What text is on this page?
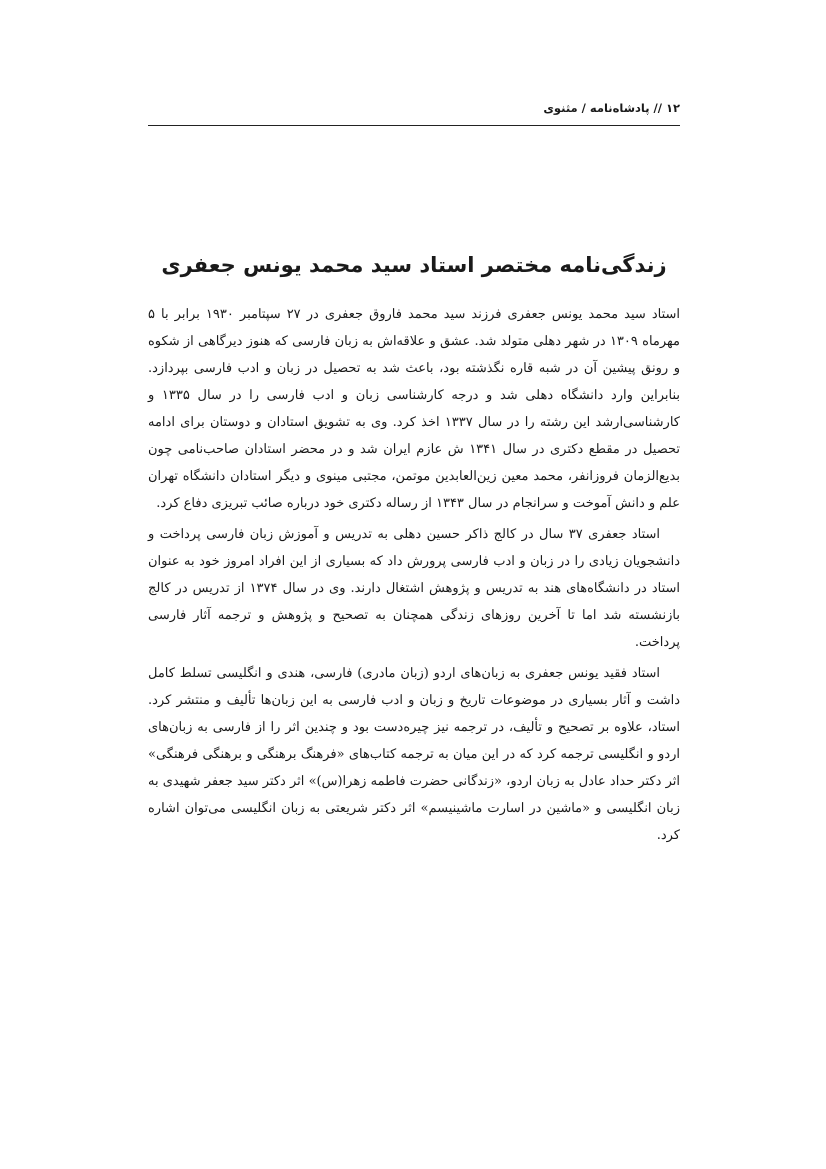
۱۲ // پادشاه‌نامه / مثنوی
زندگی‌نامه مختصر استاد سید محمد یونس جعفری

استاد سید محمد یونس جعفری فرزند سید محمد فاروق جعفری در ۲۷ سپتامبر ۱۹۳۰ برابر با ۵ مهرماه ۱۳۰۹ در شهر دهلی متولد شد. عشق و علاقه‌اش به زبان فارسی که هنوز دیرگاهی از شکوه و رونق پیشین آن در شبه قاره نگذشته بود، باعث شد به تحصیل در زبان و ادب فارسی بپردازد. بنابراین وارد دانشگاه دهلی شد و درجه کارشناسی زبان و ادب فارسی را در سال ۱۳۳۵ و کارشناسی‌ارشد این رشته را در سال ۱۳۳۷ اخذ کرد. وی به تشویق استادان و دوستان برای ادامه تحصیل در مقطع دکتری در سال ۱۳۴۱ ش عازم ایران شد و در محضر استادان صاحب‌نامی چون بدیع‌الزمان فروزانفر، محمد معین زین‌العابدین موتمن، مجتبی مینوی و دیگر استادان دانشگاه تهران علم و دانش آموخت و سرانجام در سال ۱۳۴۳ از رساله دکتری خود درباره صائب تبریزی دفاع کرد.

استاد جعفری ۳۷ سال در کالج ذاکر حسین دهلی به تدریس و آموزش زبان فارسی پرداخت و دانشجویان زیادی را در زبان و ادب فارسی پرورش داد که بسیاری از این افراد امروز خود به عنوان استاد در دانشگاه‌های هند به تدریس و پژوهش اشتغال دارند. وی در سال ۱۳۷۴ از تدریس در کالج بازنشسته شد اما تا آخرین روزهای زندگی همچنان به تصحیح و پژوهش و ترجمه آثار فارسی پرداخت.

استاد فقید یونس جعفری به زبان‌های اردو (زبان مادری) فارسی، هندی و انگلیسی تسلط کامل داشت و آثار بسیاری در موضوعات تاریخ و زبان و ادب فارسی به این زبان‌ها تألیف و منتشر کرد. استاد، علاوه بر تصحیح و تألیف، در ترجمه نیز چیره‌دست بود و چندین اثر را از فارسی به زبان‌های اردو و انگلیسی ترجمه کرد که در این میان به ترجمه کتاب‌های «فرهنگ برهنگی و برهنگی فرهنگی» اثر دکتر حداد عادل به زبان اردو، «زندگانی حضرت فاطمه زهرا(س)» اثر دکتر سید جعفر شهیدی به زبان انگلیسی و «ماشین در اسارت ماشینیسم» اثر دکتر شریعتی به زبان انگلیسی می‌توان اشاره کرد.
